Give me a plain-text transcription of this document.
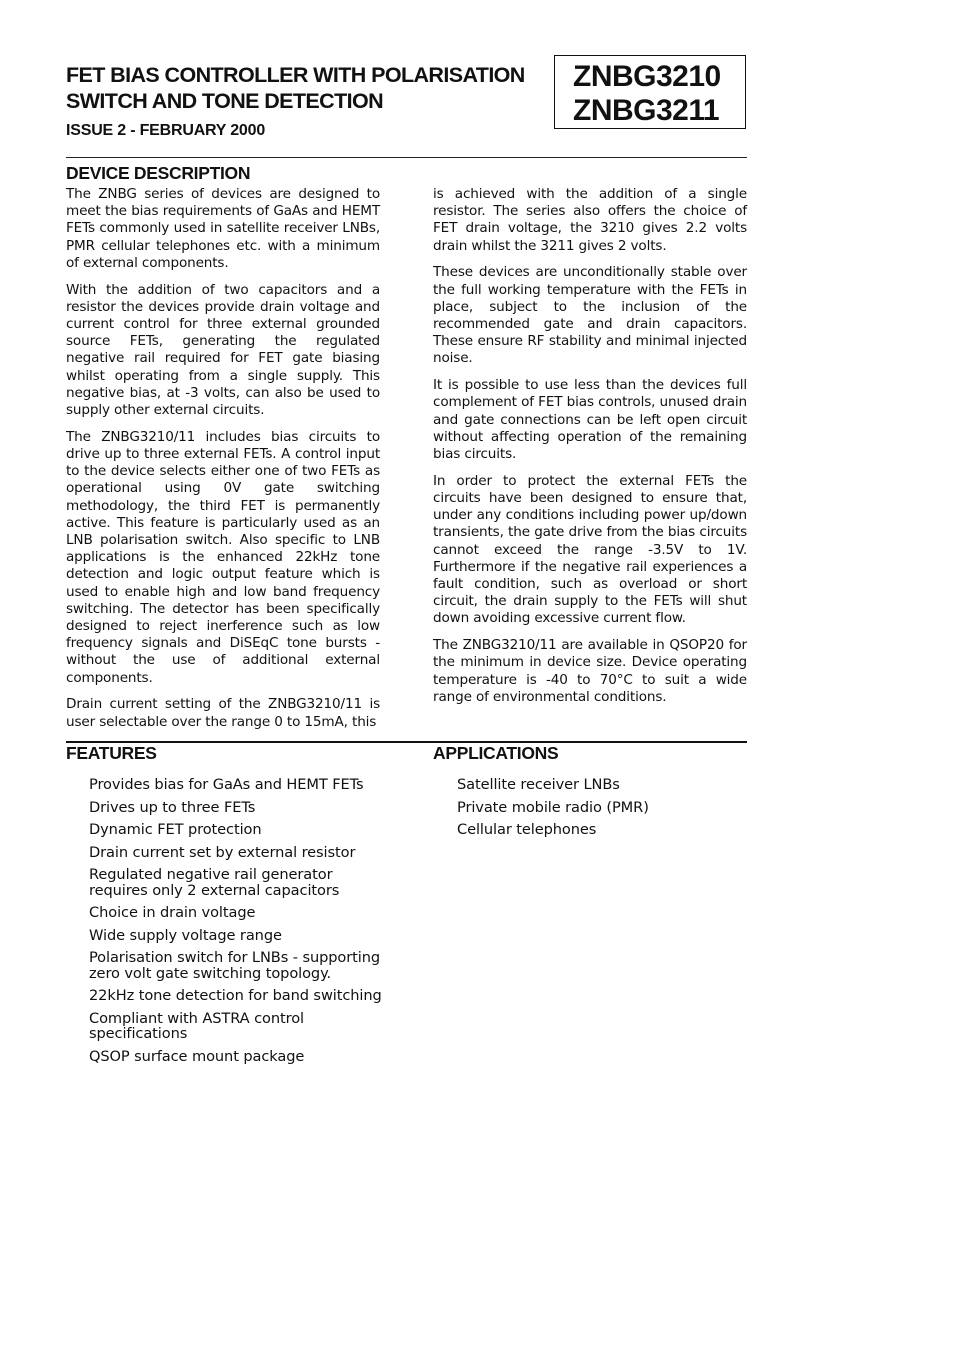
FET BIAS CONTROLLER WITH POLARISATION
SWITCH AND TONE DETECTION
ISSUE 2 - FEBRUARY 2000
ZNBG3210
ZNBG3211
DEVICE DESCRIPTION

The ZNBG series of devices are designed to meet the bias requirements of GaAs and HEMT FETs commonly used in satellite receiver LNBs, PMR cellular telephones etc. with a minimum of external components.

With the addition of two capacitors and a resistor the devices provide drain voltage and current control for three external grounded source FETs, generating the regulated negative rail required for FET gate biasing whilst operating from a single supply. This negative bias, at -3 volts, can also be used to supply other external circuits.

The ZNBG3210/11 includes bias circuits to drive up to three external FETs. A control input to the device selects either one of two FETs as operational using 0V gate switching methodology, the third FET is permanently active. This feature is particularly used as an LNB polarisation switch. Also specific to LNB applications is the enhanced 22kHz tone detection and logic output feature which is used to enable high and low band frequency switching. The detector has been specifically designed to reject inerference such as low frequency signals and DiSEqC tone bursts - without the use of additional external components.

Drain current setting of the ZNBG3210/11 is user selectable over the range 0 to 15mA, this

is achieved with the addition of a single resistor. The series also offers the choice of FET drain voltage, the 3210 gives 2.2 volts drain whilst the 3211 gives 2 volts.

These devices are unconditionally stable over the full working temperature with the FETs in place, subject to the inclusion of the recommended gate and drain capacitors. These ensure RF stability and minimal injected noise.

It is possible to use less than the devices full complement of FET bias controls, unused drain and gate connections can be left open circuit without affecting operation of the remaining bias circuits.

In order to protect the external FETs the circuits have been designed to ensure that, under any conditions including power up/down transients, the gate drive from the bias circuits cannot exceed the range -3.5V to 1V. Furthermore if the negative rail experiences a fault condition, such as overload or short circuit, the drain supply to the FETs will shut down avoiding excessive current flow.

The ZNBG3210/11 are available in QSOP20 for the minimum in device size. Device operating temperature is -40 to 70°C to suit a wide range of environmental conditions.

FEATURES	APPLICATIONS
Provides bias for GaAs and HEMT FETs
Drives up to three FETs
Dynamic FET protection
Drain current set by external resistor
Regulated negative rail generator requires only 2 external capacitors
Choice in drain voltage
Wide supply voltage range
Polarisation switch for LNBs - supporting zero volt gate switching topology.
22kHz tone detection for band switching
Compliant with ASTRA control specifications
QSOP surface mount package
Satellite receiver LNBs
Private mobile radio (PMR)
Cellular telephones
